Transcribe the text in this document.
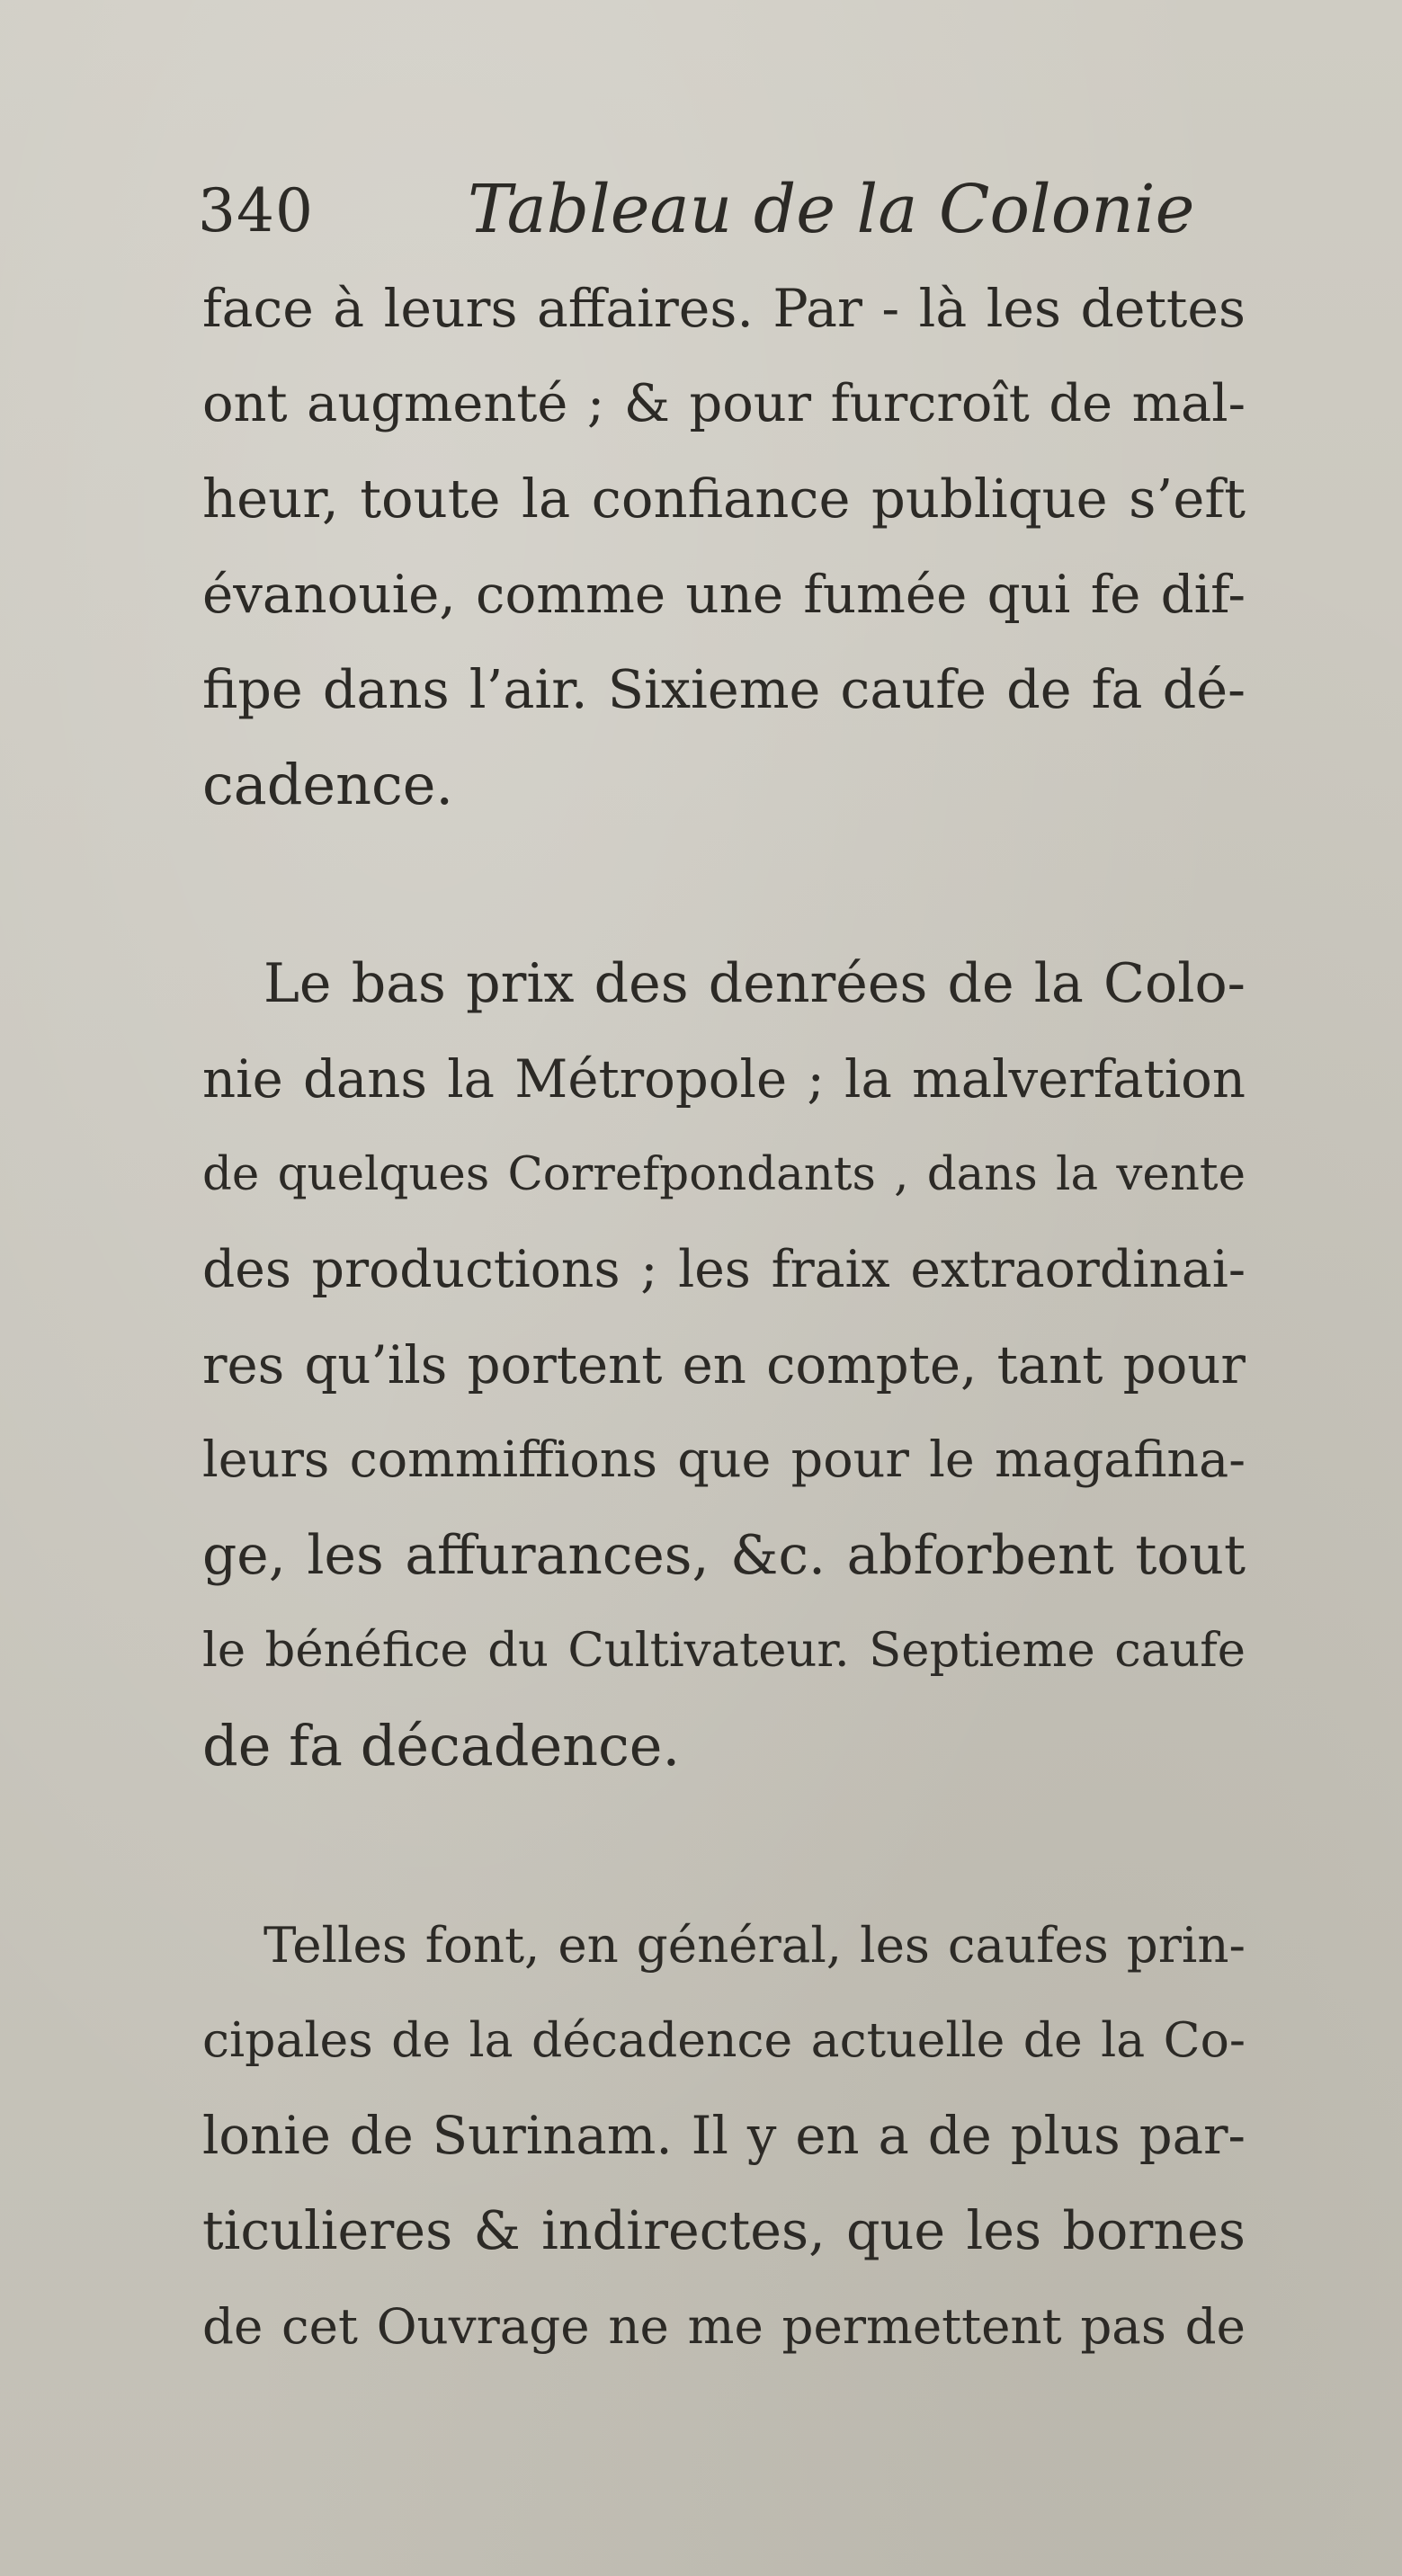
340 Tableau de la Colonie
face à leurs affaires. Par - là les dettes
ont augmenté ; & pour furcroît de mal-
heur, toute la confiance publique s’eft
évanouie, comme une fumée qui fe dif-
fipe dans l’air. Sixieme caufe de fa dé-
cadence.
Le bas prix des denrées de la Colo-
nie dans la Métropole ; la malverfation
de quelques Correfpondants , dans la vente
des productions ; les fraix extraordinai-
res qu’ils portent en compte, tant pour
leurs commiffions que pour le magafina-
ge, les affurances, &c. abforbent tout
le bénéfice du Cultivateur. Septieme caufe
de fa décadence.
Telles font, en général, les caufes prin-
cipales de la décadence actuelle de la Co-
lonie de Surinam. Il y en a de plus par-
ticulieres & indirectes, que les bornes
de cet Ouvrage ne me permettent pas de
